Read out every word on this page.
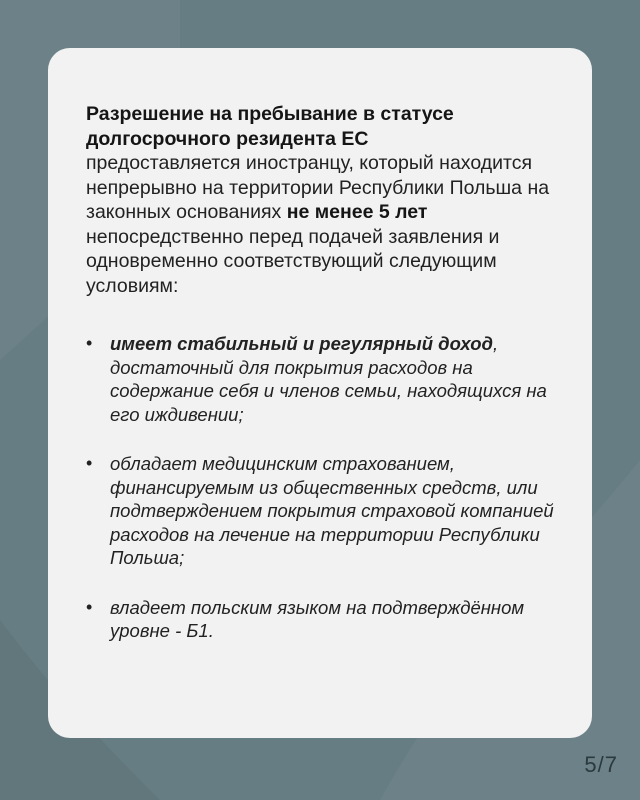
Разрешение на пребывание в статусе
долгосрочного резидента ЕС
предоставляется иностранцу, который находится непрерывно на территории Республики Польша на законных основаниях не менее 5 лет непосредственно перед подачей заявления и одновременно соответствующий следующим условиям:

• имеет стабильный и регулярный доход, достаточный для покрытия расходов на содержание себя и членов семьи, находящихся на его иждивении;
• обладает медицинским страхованием, финансируемым из общественных средств, или подтверждением покрытия страховой компанией расходов на лечение на территории Республики Польша;
• владеет польским языком на подтверждённом уровне - Б1.
5/7
